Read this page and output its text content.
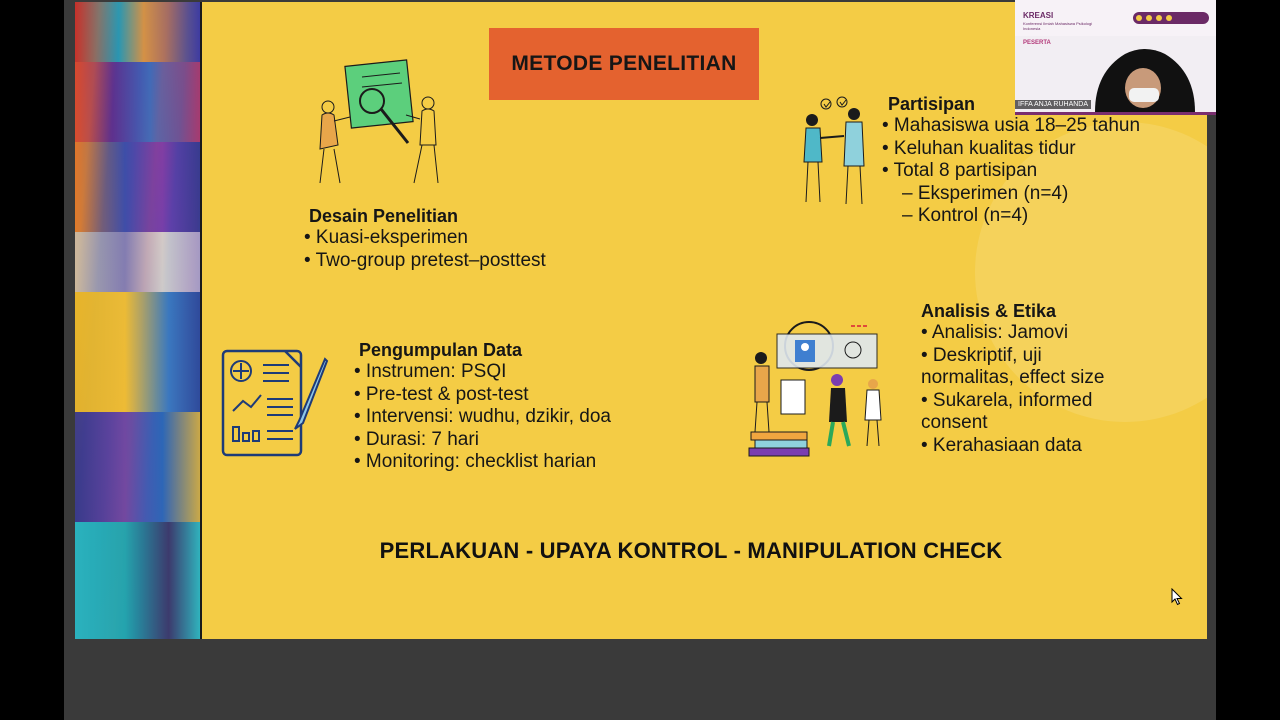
METODE PENELITIAN
Desain Penelitian
• Kuasi-eksperimen
• Two-group pretest–posttest
Partisipan
• Mahasiswa usia 18–25 tahun
• Keluhan kualitas tidur
• Total 8 partisipan
– Eksperimen (n=4)
– Kontrol (n=4)
Pengumpulan Data
• Instrumen: PSQI
• Pre-test & post-test
• Intervensi: wudhu, dzikir, doa
• Durasi: 7 hari
• Monitoring: checklist harian
Analisis & Etika
• Analisis: Jamovi
• Deskriptif, uji
normalitas, effect size
• Sukarela, informed
consent
• Kerahasiaan data
PERLAKUAN - UPAYA KONTROL - MANIPULATION CHECK
KREASI
Konferensi Ilmiah Mahasiswa Psikologi Indonesia
PESERTA
IFFA ANJA RUHANDA
